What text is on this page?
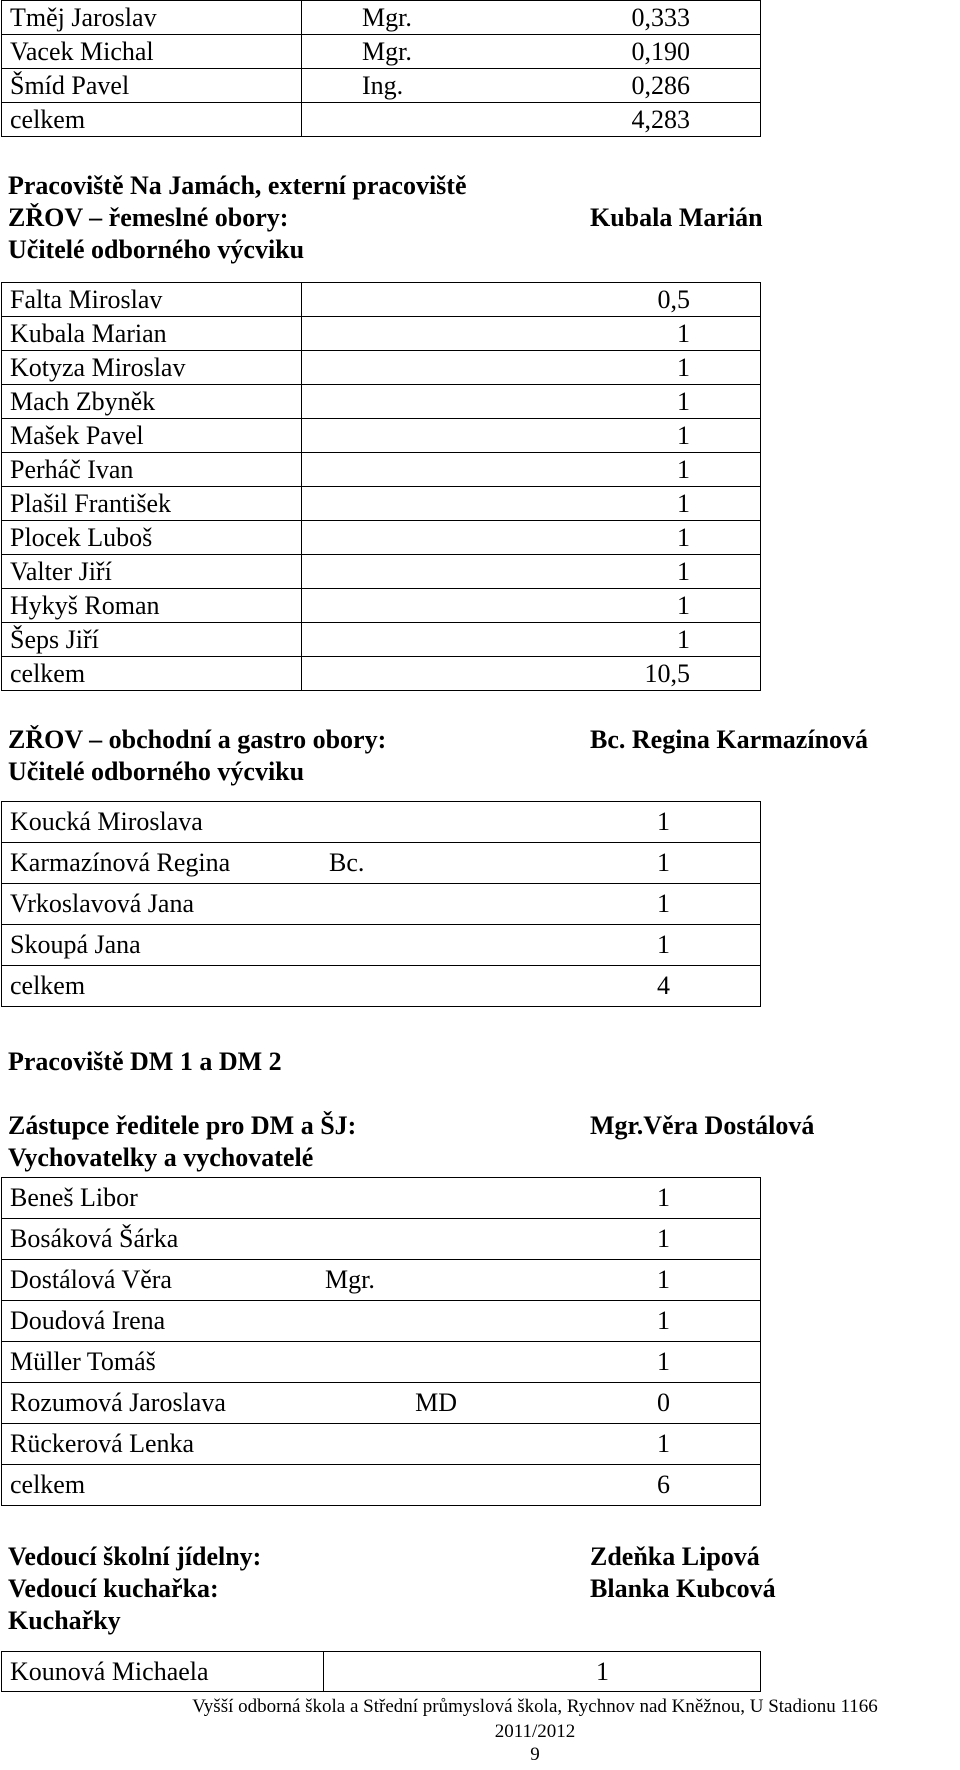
Tměj Jaroslav	Mgr.	0,333
Vacek Michal	Mgr.	0,190
Šmíd Pavel	Ing.	0,286
celkem		4,283
Pracoviště Na Jamách, externí pracoviště
ZŘOV – řemeslné obory:
Učitelé odborného výcviku
Kubala Marián
Falta Miroslav	0,5
Kubala Marian	1
Kotyza Miroslav	1
Mach Zbyněk	1
Mašek Pavel	1
Perháč Ivan	1
Plašil František	1
Plocek Luboš	1
Valter Jiří	1
Hykyš Roman	1
Šeps Jiří	1
celkem	10,5
ZŘOV – obchodní a gastro obory:
Učitelé odborného výcviku
Bc. Regina Karmazínová
Koucká Miroslava		1
Karmazínová Regina	Bc.	1
Vrkoslavová Jana		1
Skoupá Jana		1
celkem		4
Pracoviště DM 1 a DM 2
Zástupce ředitele pro DM a ŠJ:
Vychovatelky a vychovatelé
Mgr.Věra Dostálová
Beneš Libor		1
Bosáková Šárka		1
Dostálová Věra	Mgr.	1
Doudová Irena		1
Müller Tomáš		1
Rozumová Jaroslava	MD	0
Rückerová Lenka		1
celkem		6
Vedoucí školní jídelny:
Vedoucí kuchařka:
Kuchařky
Zdeňka Lipová
Blanka Kubcová
Kounová Michaela	1
Vyšší odborná škola a Střední průmyslová škola, Rychnov nad Kněžnou, U Stadionu 1166
2011/2012
9
